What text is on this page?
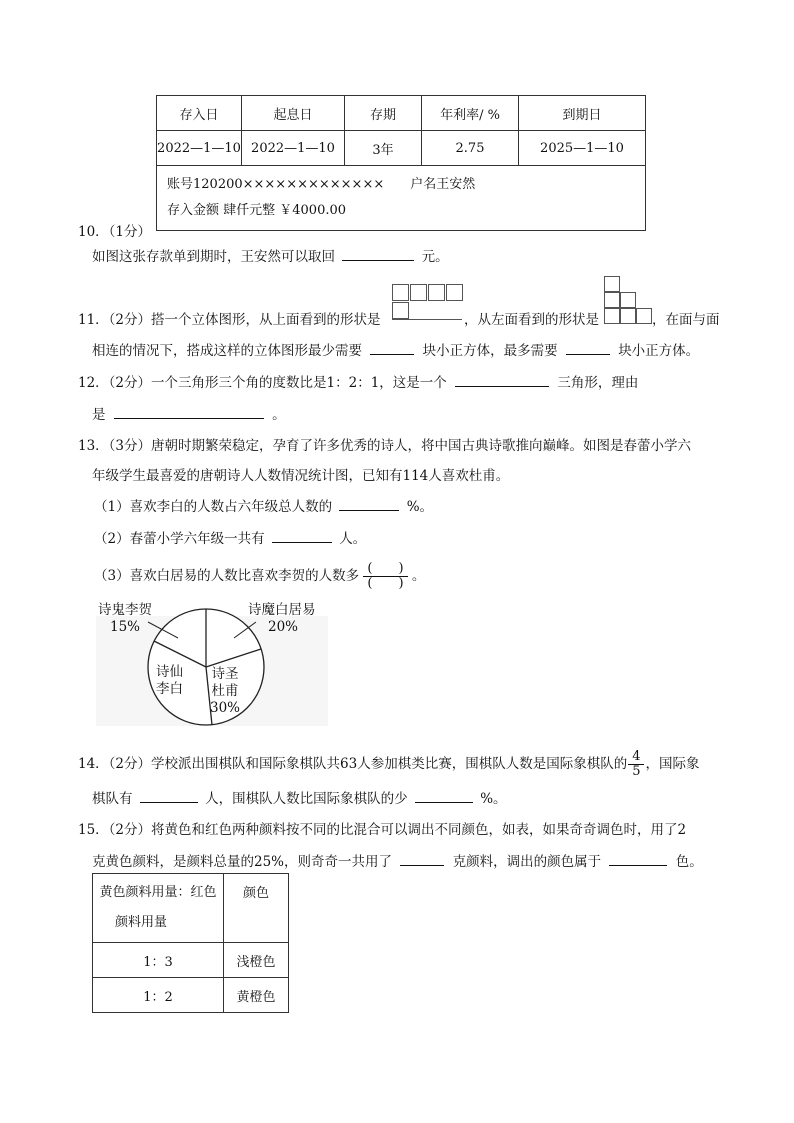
存入日	起息日	存期	年利率/ %	到期日
2022—1—10	2022—1—10	3年	2.75	2025—1—10

账号120200×××××××××××××　　户名王安然
存入金额 肆仟元整 ￥4000.00				
10．（1分）
如图这张存款单到期时，王安然可以取回	元。
11．（2分）搭一个立体图形，从上面看到的形状是	，从左面看到的形状是	，在面与面
相连的情况下，搭成这样的立体图形最少需要	块小正方体，最多需要	块小正方体。
12．（2分）一个三角形三个角的度数比是1：2：1，这是一个	三角形，理由
是	。
13．（3分）唐朝时期繁荣稳定，孕育了许多优秀的诗人，将中国古典诗歌推向巅峰。如图是春蕾小学六
年级学生最喜爱的唐朝诗人人数情况统计图，已知有114人喜欢杜甫。
（1）喜欢李白的人数占六年级总人数的	%。
（2）春蕾小学六年级一共有	人。
（3）喜欢白居易的人数比喜欢李贺的人数多 $\frac{( )}{( )}$ 。
诗鬼李贺
15%
诗魔白居易
20%
诗仙
李白
诗圣
杜甫
30%
14．（2分）学校派出围棋队和国际象棋队共63人参加棋类比赛，围棋队人数是国际象棋队的 $\frac{4}{5}$ ，国际象
棋队有	人，围棋队人数比国际象棋队的少	%。
15．（2分）将黄色和红色两种颜料按不同的比混合可以调出不同颜色，如表，如果奇奇调色时，用了2
克黄色颜料，是颜料总量的25%，则奇奇一共用了	克颜料，调出的颜色属于	色。
黄色颜料用量：红色
颜料用量	颜色
1：3	浅橙色
1：2	黄橙色
